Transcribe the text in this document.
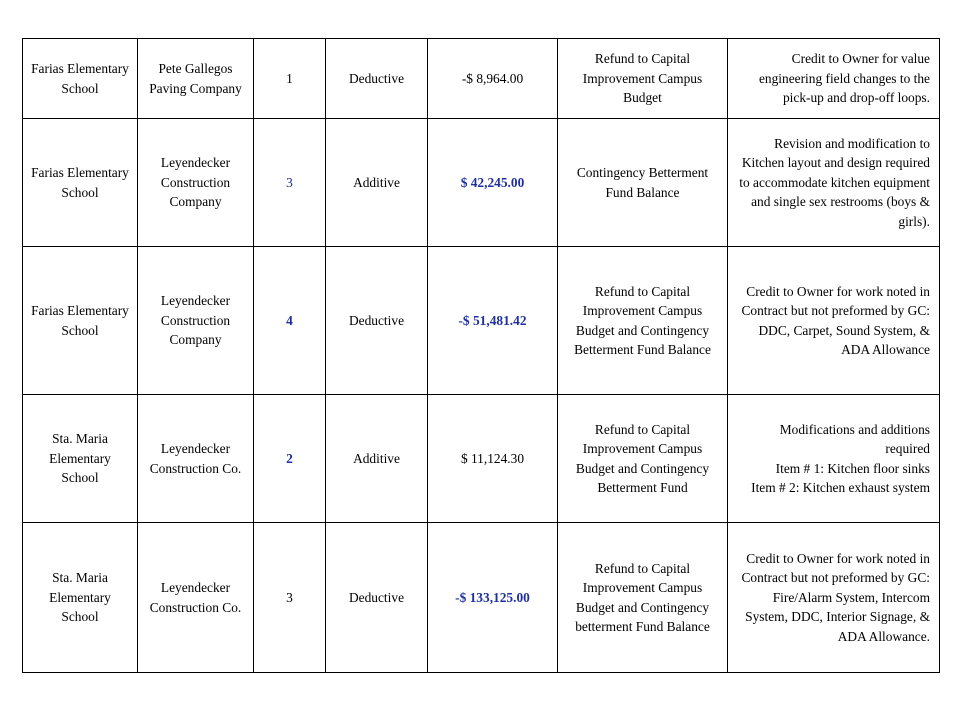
Farias Elementary School	Pete Gallegos Paving Company	1	Deductive	-$ 8,964.00	Refund to Capital Improvement Campus Budget	Credit to Owner for value engineering field changes to the pick-up and drop-off loops.

Farias Elementary School	Leyendecker Construction Company	3	Additive	$ 42,245.00	Contingency Betterment Fund Balance	Revision and modification to Kitchen layout and design required to accommodate kitchen equipment and single sex restrooms (boys & girls).

Farias Elementary School	Leyendecker Construction Company	4	Deductive	-$ 51,481.42	Refund to Capital Improvement Campus Budget and Contingency Betterment Fund Balance	Credit to Owner for work noted in Contract but not preformed by GC:
DDC, Carpet, Sound System, & ADA Allowance

Sta. Maria Elementary School	Leyendecker Construction Co.	2	Additive	$ 11,124.30	Refund to Capital Improvement Campus Budget and Contingency Betterment Fund	Modifications and additions required
Item # 1: Kitchen floor sinks
Item # 2: Kitchen exhaust system

Sta. Maria Elementary School	Leyendecker Construction Co.	3	Deductive	-$ 133,125.00	Refund to Capital Improvement Campus Budget and Contingency betterment Fund Balance	Credit to Owner for work noted in Contract but not preformed by GC: Fire/Alarm System, Intercom System, DDC, Interior Signage, & ADA Allowance.
